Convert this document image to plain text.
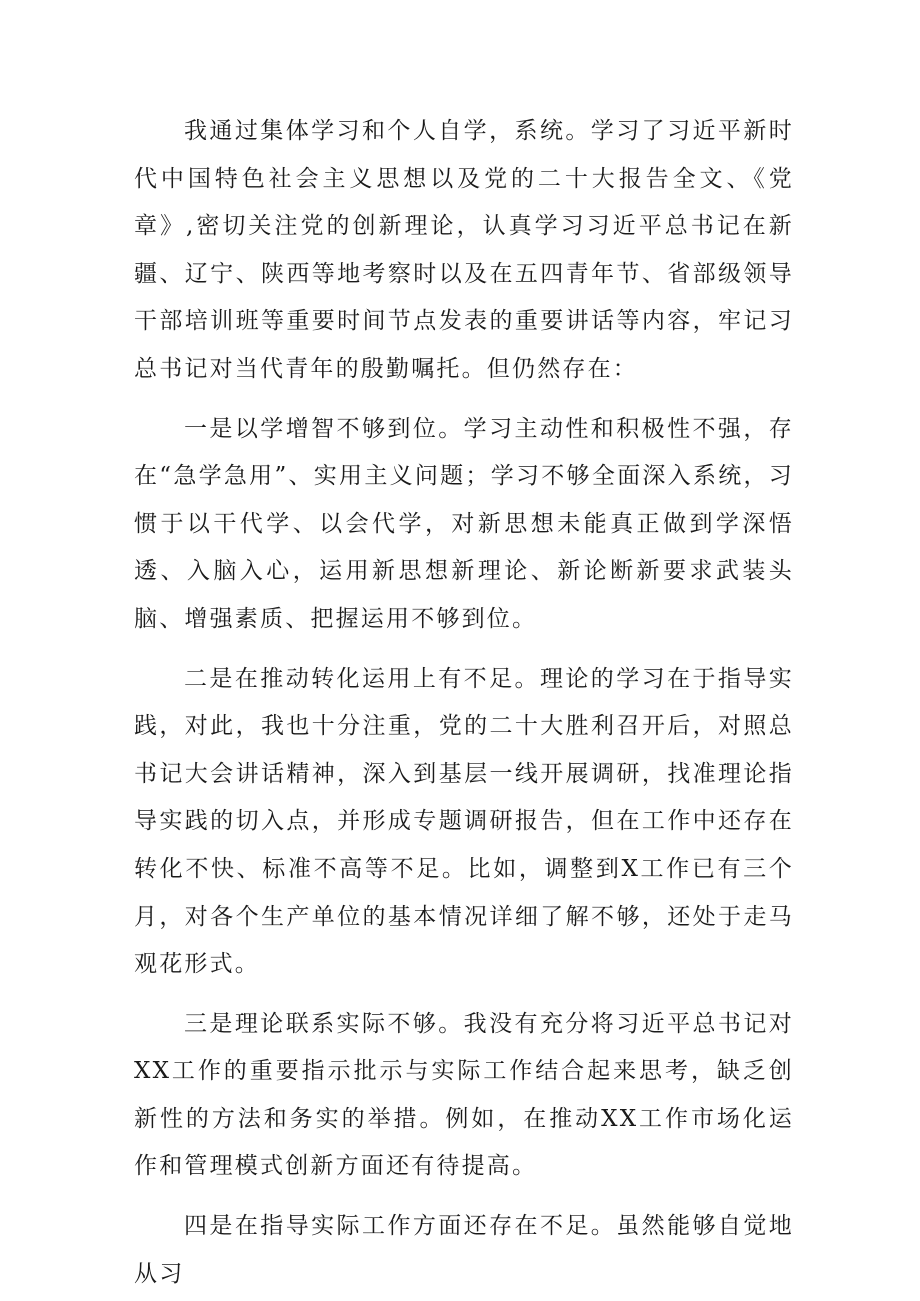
我通过集体学习和个人自学，系统。学习了习近平新时代中国特色社会主义思想以及党的二十大报告全文、《党章》,密切关注党的创新理论，认真学习习近平总书记在新疆、辽宁、陕西等地考察时以及在五四青年节、省部级领导干部培训班等重要时间节点发表的重要讲话等内容，牢记习总书记对当代青年的殷勤嘱托。但仍然存在：

一是以学增智不够到位。学习主动性和积极性不强，存在“急学急用”、实用主义问题；学习不够全面深入系统，习惯于以干代学、以会代学，对新思想未能真正做到学深悟透、入脑入心，运用新思想新理论、新论断新要求武装头脑、增强素质、把握运用不够到位。

二是在推动转化运用上有不足。理论的学习在于指导实践，对此，我也十分注重，党的二十大胜利召开后，对照总书记大会讲话精神，深入到基层一线开展调研，找准理论指导实践的切入点，并形成专题调研报告，但在工作中还存在转化不快、标准不高等不足。比如，调整到X工作已有三个月，对各个生产单位的基本情况详细了解不够，还处于走马观花形式。

三是理论联系实际不够。我没有充分将习近平总书记对XX工作的重要指示批示与实际工作结合起来思考，缺乏创新性的方法和务实的举措。例如，在推动XX工作市场化运作和管理模式创新方面还有待提高。

四是在指导实际工作方面还存在不足。虽然能够自觉地从习
